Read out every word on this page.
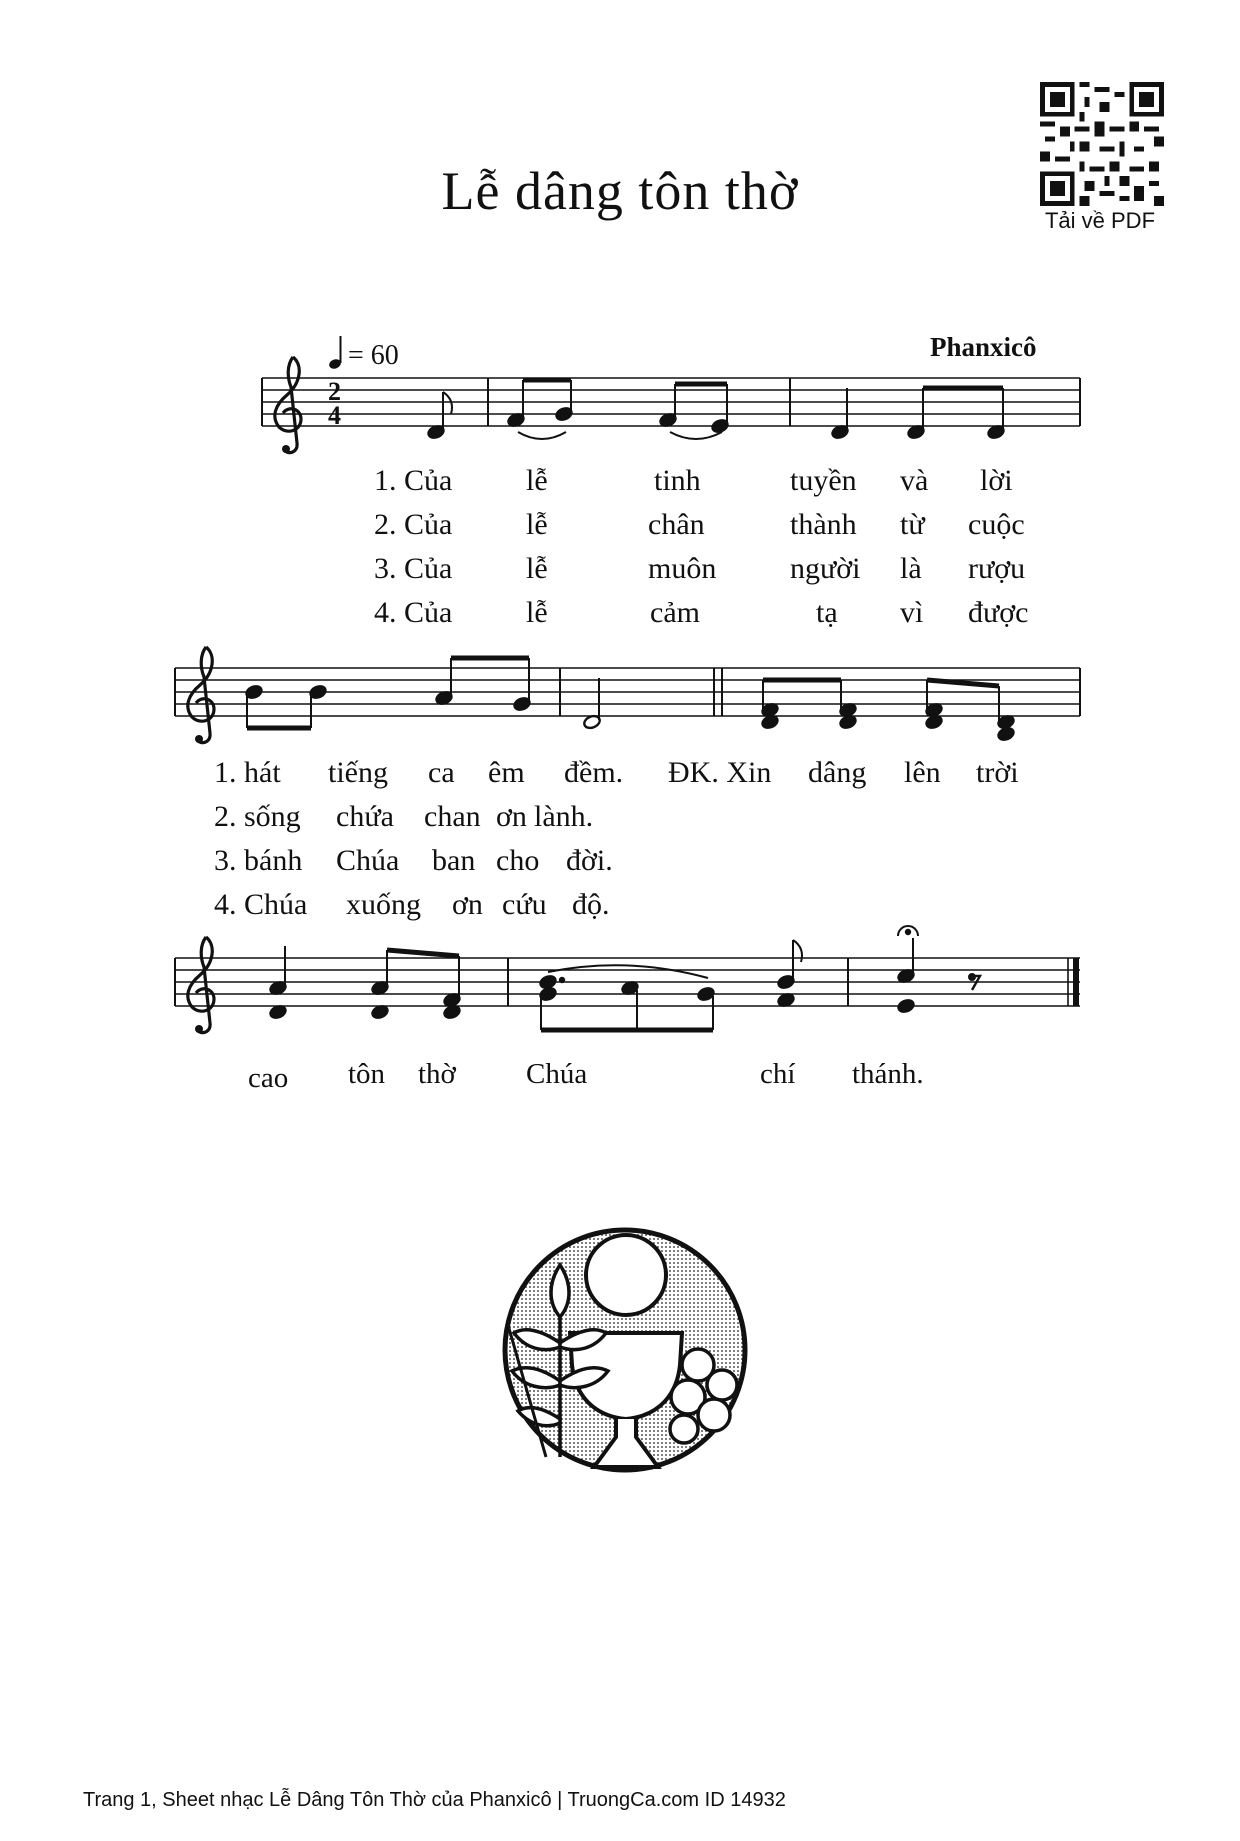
Lễ dâng tôn thờ	Tải về PDF
= 60	Phanxicô
2
4
1. Của lễ	tinh	tuyền và lời
2. Của lễ	chân	thành từ cuộc
3. Của lễ	muôn người là rượu
4. Của lễ	cảm	tạ vì được
1. hát tiếng ca êm đềm. ĐK. Xin dâng lên trời
2. sống chứa chan ơn lành.
3. bánh Chúa ban cho đời.
4. Chúa xuống ơn cứu độ.
cao tôn thờ Chúa	chí thánh.
Trang 1, Sheet nhạc Lễ Dâng Tôn Thờ của Phanxicô | TruongCa.com ID 14932
